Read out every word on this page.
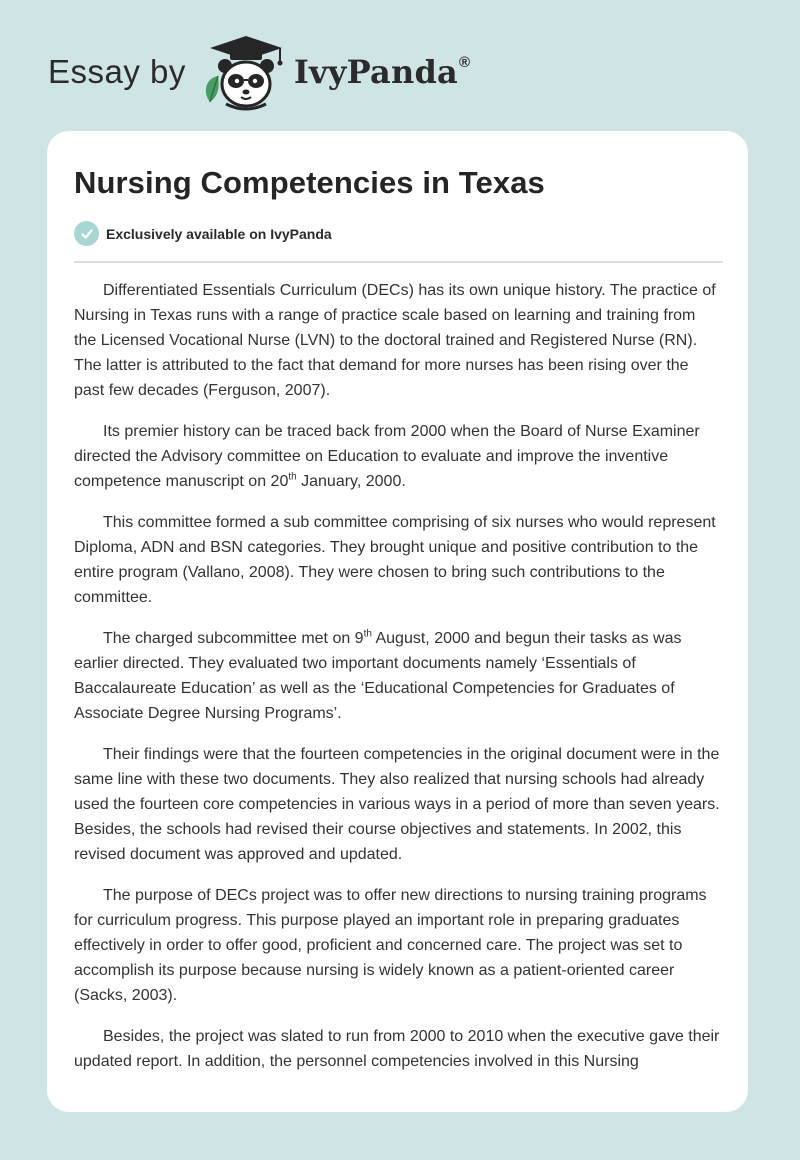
Essay by	IvyPanda ®
Nursing Competencies in Texas
Exclusively available on IvyPanda

Differentiated Essentials Curriculum (DECs) has its own unique history. The practice of Nursing in Texas runs with a range of practice scale based on learning and training from the Licensed Vocational Nurse (LVN) to the doctoral trained and Registered Nurse (RN). The latter is attributed to the fact that demand for more nurses has been rising over the past few decades (Ferguson, 2007).

Its premier history can be traced back from 2000 when the Board of Nurse Examiner directed the Advisory committee on Education to evaluate and improve the inventive competence manuscript on 20th January, 2000.

This committee formed a sub committee comprising of six nurses who would represent Diploma, ADN and BSN categories. They brought unique and positive contribution to the entire program (Vallano, 2008). They were chosen to bring such contributions to the committee.

The charged subcommittee met on 9th August, 2000 and begun their tasks as was earlier directed. They evaluated two important documents namely ‘Essentials of Baccalaureate Education’ as well as the ‘Educational Competencies for Graduates of Associate Degree Nursing Programs’.

Their findings were that the fourteen competencies in the original document were in the same line with these two documents. They also realized that nursing schools had already used the fourteen core competencies in various ways in a period of more than seven years. Besides, the schools had revised their course objectives and statements. In 2002, this revised document was approved and updated.

The purpose of DECs project was to offer new directions to nursing training programs for curriculum progress. This purpose played an important role in preparing graduates effectively in order to offer good, proficient and concerned care. The project was set to accomplish its purpose because nursing is widely known as a patient-oriented career (Sacks, 2003).

Besides, the project was slated to run from 2000 to 2010 when the executive gave their updated report. In addition, the personnel competencies involved in this Nursing
